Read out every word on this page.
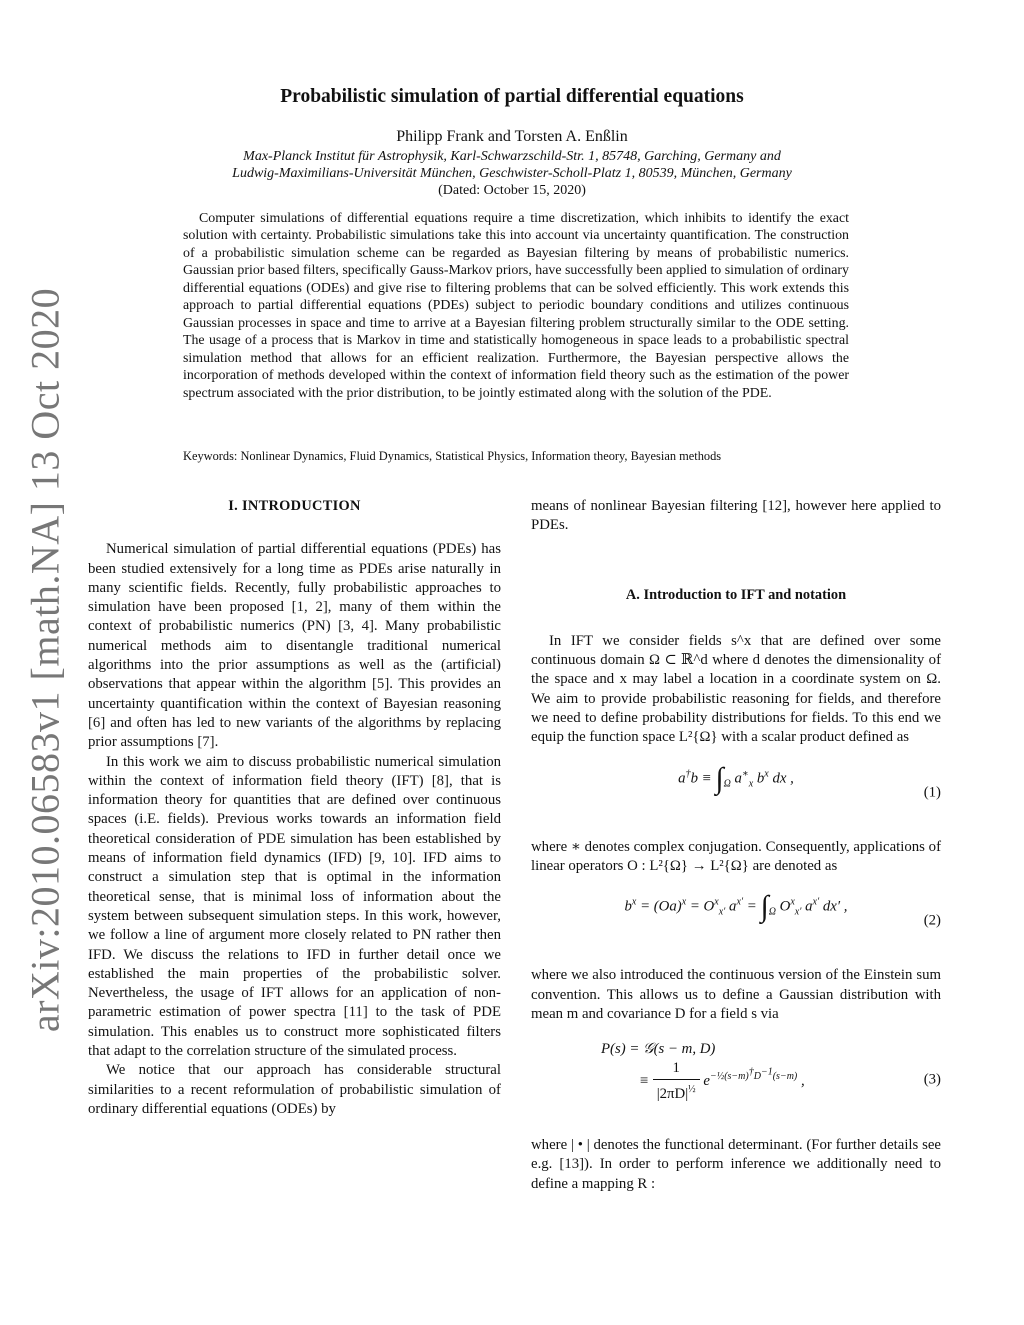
arXiv:2010.06583v1 [math.NA] 13 Oct 2020
Probabilistic simulation of partial differential equations
Philipp Frank and Torsten A. Enßlin
Max-Planck Institut für Astrophysik, Karl-Schwarzschild-Str. 1, 85748, Garching, Germany and
Ludwig-Maximilians-Universität München, Geschwister-Scholl-Platz 1, 80539, München, Germany
(Dated: October 15, 2020)

Computer simulations of differential equations require a time discretization, which inhibits to identify the exact solution with certainty. Probabilistic simulations take this into account via uncertainty quantification. The construction of a probabilistic simulation scheme can be regarded as Bayesian filtering by means of probabilistic numerics. Gaussian prior based filters, specifically Gauss-Markov priors, have successfully been applied to simulation of ordinary differential equations (ODEs) and give rise to filtering problems that can be solved efficiently. This work extends this approach to partial differential equations (PDEs) subject to periodic boundary conditions and utilizes continuous Gaussian processes in space and time to arrive at a Bayesian filtering problem structurally similar to the ODE setting. The usage of a process that is Markov in time and statistically homogeneous in space leads to a probabilistic spectral simulation method that allows for an efficient realization. Furthermore, the Bayesian perspective allows the incorporation of methods developed within the context of information field theory such as the estimation of the power spectrum associated with the prior distribution, to be jointly estimated along with the solution of the PDE.

Keywords: Nonlinear Dynamics, Fluid Dynamics, Statistical Physics, Information theory, Bayesian methods
I. INTRODUCTION

Numerical simulation of partial differential equations (PDEs) has been studied extensively for a long time as PDEs arise naturally in many scientific fields. Recently, fully probabilistic approaches to simulation have been proposed [1, 2], many of them within the context of probabilistic numerics (PN) [3, 4]. Many probabilistic numerical methods aim to disentangle traditional numerical algorithms into the prior assumptions as well as the (artificial) observations that appear within the algorithm [5]. This provides an uncertainty quantification within the context of Bayesian reasoning [6] and often has led to new variants of the algorithms by replacing prior assumptions [7].

In this work we aim to discuss probabilistic numerical simulation within the context of information field theory (IFT) [8], that is information theory for quantities that are defined over continuous spaces (i.E. fields). Previous works towards an information field theoretical consideration of PDE simulation has been established by means of information field dynamics (IFD) [9, 10]. IFD aims to construct a simulation step that is optimal in the information theoretical sense, that is minimal loss of information about the system between subsequent simulation steps. In this work, however, we follow a line of argument more closely related to PN rather then IFD. We discuss the relations to IFD in further detail once we established the main properties of the probabilistic solver. Nevertheless, the usage of IFT allows for an application of non-parametric estimation of power spectra [11] to the task of PDE simulation. This enables us to construct more sophisticated filters that adapt to the correlation structure of the simulated process.

We notice that our approach has considerable structural similarities to a recent reformulation of probabilistic simulation of ordinary differential equations (ODEs) by

means of nonlinear Bayesian filtering [12], however here applied to PDEs.

A. Introduction to IFT and notation

In IFT we consider fields s^x that are defined over some continuous domain Ω ⊂ ℝ^d where d denotes the dimensionality of the space and x may label a location in a coordinate system on Ω. We aim to provide probabilistic reasoning for fields, and therefore we need to define probability distributions for fields. To this end we equip the function space L²{Ω} with a scalar product defined as

$a^\dagger b \equiv \int_\Omega$ $a^∗_x$ $b^x$ dx ,
(1)

where ∗ denotes complex conjugation. Consequently, applications of linear operators O : L²{Ω} → L²{Ω} are denoted as

$b^x = (Oa)^x = O^x_{x'}$ $a^{x'} = \int_\Omega$ $O^x_{x'}$ $a^{x'}$ dx′ ,
(2)

where we also introduced the continuous version of the Einstein sum convention. This allows us to define a Gaussian distribution with mean m and covariance D for a field s via

P(s) = 𝒢(s − m, D)
≡ $\frac{1}{|2\pi D|^{\frac{1}{2}}} e^{-\frac{1}{2}(s-m)^\dagger D^{-1}(s-m)}$ ,	(3)

where | • | denotes the functional determinant. (For further details see e.g. [13]). In order to perform inference we additionally need to define a mapping R :
